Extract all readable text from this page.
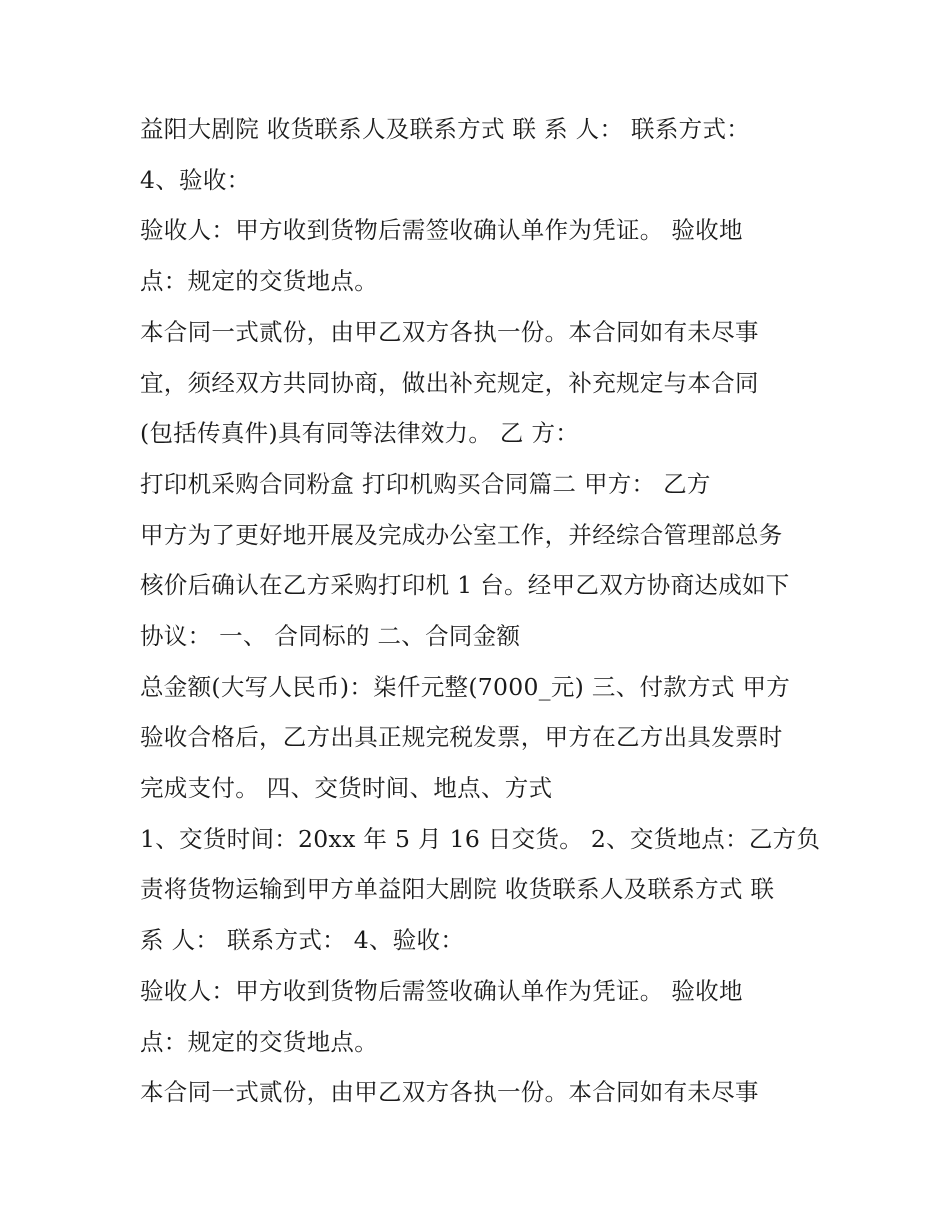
益阳大剧院 收货联系人及联系方式 联 系 人： 联系方式：
4、验收：
验收人：甲方收到货物后需签收确认单作为凭证。 验收地
点：规定的交货地点。
本合同一式贰份，由甲乙双方各执一份。本合同如有未尽事
宜，须经双方共同协商，做出补充规定，补充规定与本合同
(包括传真件)具有同等法律效力。 乙 方：
打印机采购合同粉盒 打印机购买合同篇二 甲方： 乙方
甲方为了更好地开展及完成办公室工作，并经综合管理部总务
核价后确认在乙方采购打印机 1 台。经甲乙双方协商达成如下
协议： 一、 合同标的 二、合同金额
总金额(大写人民币)：柒仟元整(7000_元) 三、付款方式 甲方
验收合格后，乙方出具正规完税发票，甲方在乙方出具发票时
完成支付。 四、交货时间、地点、方式
1、交货时间：20xx 年 5 月 16 日交货。 2、交货地点：乙方负
责将货物运输到甲方单益阳大剧院 收货联系人及联系方式 联
系 人： 联系方式： 4、验收：
验收人：甲方收到货物后需签收确认单作为凭证。 验收地
点：规定的交货地点。
本合同一式贰份，由甲乙双方各执一份。本合同如有未尽事
